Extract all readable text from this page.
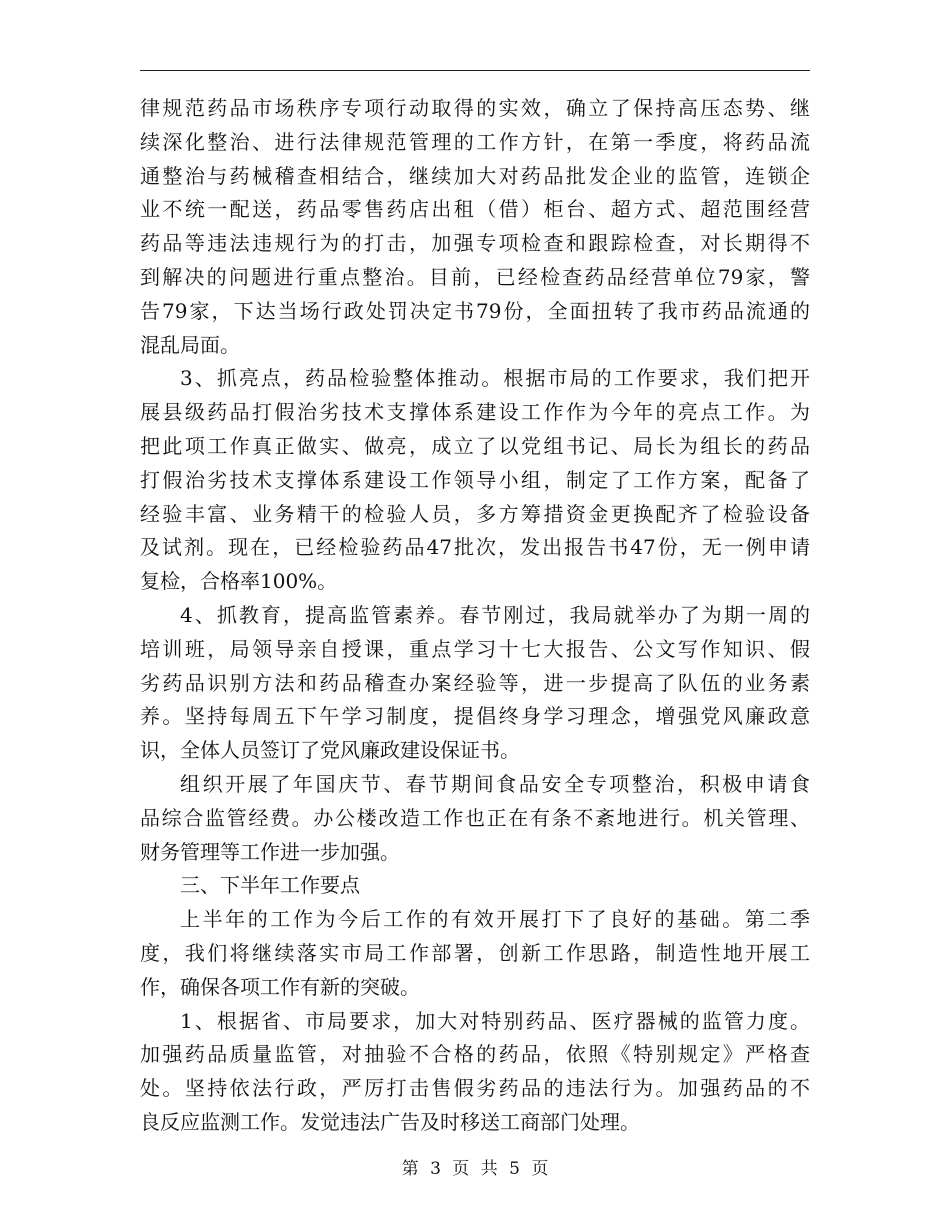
律规范药品市场秩序专项行动取得的实效，确立了保持高压态势、继
续深化整治、进行法律规范管理的工作方针，在第一季度，将药品流
通整治与药械稽查相结合，继续加大对药品批发企业的监管，连锁企
业不统一配送，药品零售药店出租（借）柜台、超方式、超范围经营
药品等违法违规行为的打击，加强专项检查和跟踪检查，对长期得不
到解决的问题进行重点整治。目前，已经检查药品经营单位79家，警
告79家，下达当场行政处罚决定书79份，全面扭转了我市药品流通的
混乱局面。
3、抓亮点，药品检验整体推动。根据市局的工作要求，我们把开
展县级药品打假治劣技术支撑体系建设工作作为今年的亮点工作。为
把此项工作真正做实、做亮，成立了以党组书记、局长为组长的药品
打假治劣技术支撑体系建设工作领导小组，制定了工作方案，配备了
经验丰富、业务精干的检验人员，多方筹措资金更换配齐了检验设备
及试剂。现在，已经检验药品47批次，发出报告书47份，无一例申请
复检，合格率100%。
4、抓教育，提高监管素养。春节刚过，我局就举办了为期一周的
培训班，局领导亲自授课，重点学习十七大报告、公文写作知识、假
劣药品识别方法和药品稽查办案经验等，进一步提高了队伍的业务素
养。坚持每周五下午学习制度，提倡终身学习理念，增强党风廉政意
识，全体人员签订了党风廉政建设保证书。
组织开展了年国庆节、春节期间食品安全专项整治，积极申请食
品综合监管经费。办公楼改造工作也正在有条不紊地进行。机关管理、
财务管理等工作进一步加强。
三、下半年工作要点
上半年的工作为今后工作的有效开展打下了良好的基础。第二季
度，我们将继续落实市局工作部署，创新工作思路，制造性地开展工
作，确保各项工作有新的突破。
1、根据省、市局要求，加大对特别药品、医疗器械的监管力度。
加强药品质量监管，对抽验不合格的药品，依照《特别规定》严格查
处。坚持依法行政，严厉打击售假劣药品的违法行为。加强药品的不
良反应监测工作。发觉违法广告及时移送工商部门处理。
第 3 页 共 5 页
